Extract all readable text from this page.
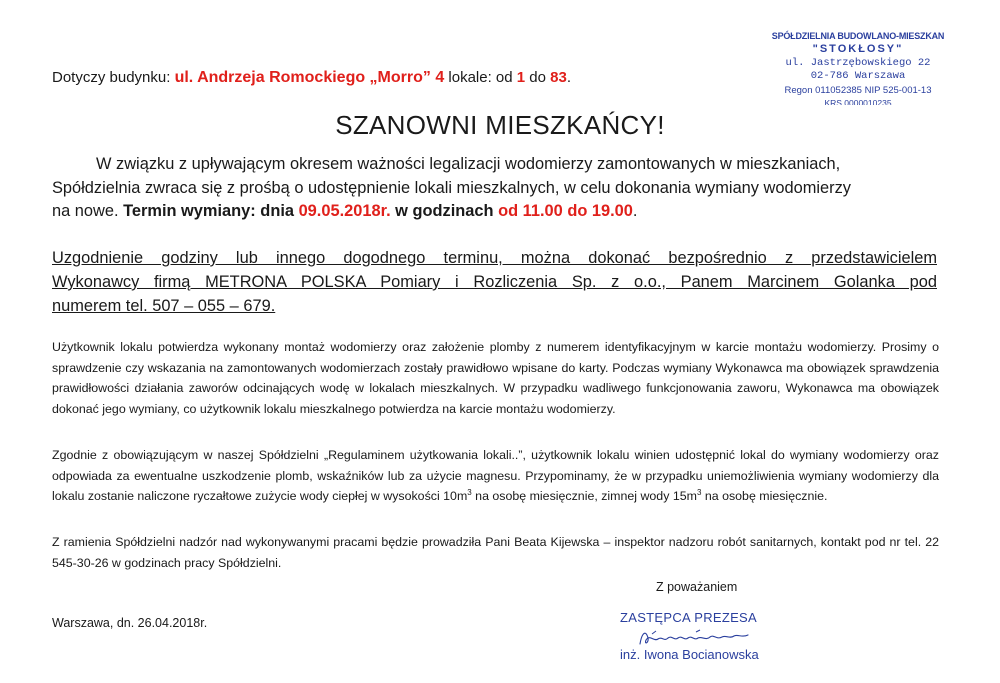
SPÓŁDZIELNIA BUDOWLANO-MIESZKAN
"STOKŁOSY"
ul. Jastrzębowskiego 22
02-786 Warszawa
Regon 011052385 NIP 525-001-13
KRS 0000010235
Dotyczy budynku: ul. Andrzeja Romockiego „Morro” 4 lokale: od 1 do 83.
SZANOWNI MIESZKAŃCY!
W związku z upływającym okresem ważności legalizacji wodomierzy zamontowanych w mieszkaniach,
Spółdzielnia zwraca się z prośbą o udostępnienie lokali mieszkalnych, w celu dokonania wymiany wodomierzy
na nowe. Termin wymiany: dnia 09.05.2018r. w godzinach od 11.00 do 19.00.
Uzgodnienie godziny lub innego dogodnego terminu, można dokonać bezpośrednio z przedstawicielem
Wykonawcy firmą METRONA POLSKA Pomiary i Rozliczenia Sp. z o.o., Panem Marcinem Golanka pod
numerem tel. 507 – 055 – 679.
Użytkownik lokalu potwierdza wykonany montaż wodomierzy oraz założenie plomby z numerem identyfikacyjnym w karcie montażu wodomierzy. Prosimy o sprawdzenie czy wskazania na zamontowanych wodomierzach zostały prawidłowo wpisane do karty. Podczas wymiany Wykonawca ma obowiązek sprawdzenia prawidłowości działania zaworów odcinających wodę w lokalach mieszkalnych. W przypadku wadliwego funkcjonowania zaworu, Wykonawca ma obowiązek dokonać jego wymiany, co użytkownik lokalu mieszkalnego potwierdza na karcie montażu wodomierzy.
Zgodnie z obowiązującym w naszej Spółdzielni „Regulaminem użytkowania lokali..”, użytkownik lokalu winien udostępnić lokal do wymiany wodomierzy oraz odpowiada za ewentualne uszkodzenie plomb, wskaźników lub za użycie magnesu. Przypominamy, że w przypadku uniemożliwienia wymiany wodomierzy dla lokalu zostanie naliczone ryczałtowe zużycie wody ciepłej w wysokości $10m^3$ na osobę miesięcznie, zimnej wody $15m^3$ na osobę miesięcznie.
Z ramienia Spółdzielni nadzór nad wykonywanymi pracami będzie prowadziła Pani Beata Kijewska – inspektor nadzoru robót sanitarnych, kontakt pod nr tel. 22 545-30-26 w godzinach pracy Spółdzielni.
Z poważaniem
Warszawa, dn. 26.04.2018r.	ZASTĘPCA PREZESA
inż. Iwona Bocianowska
